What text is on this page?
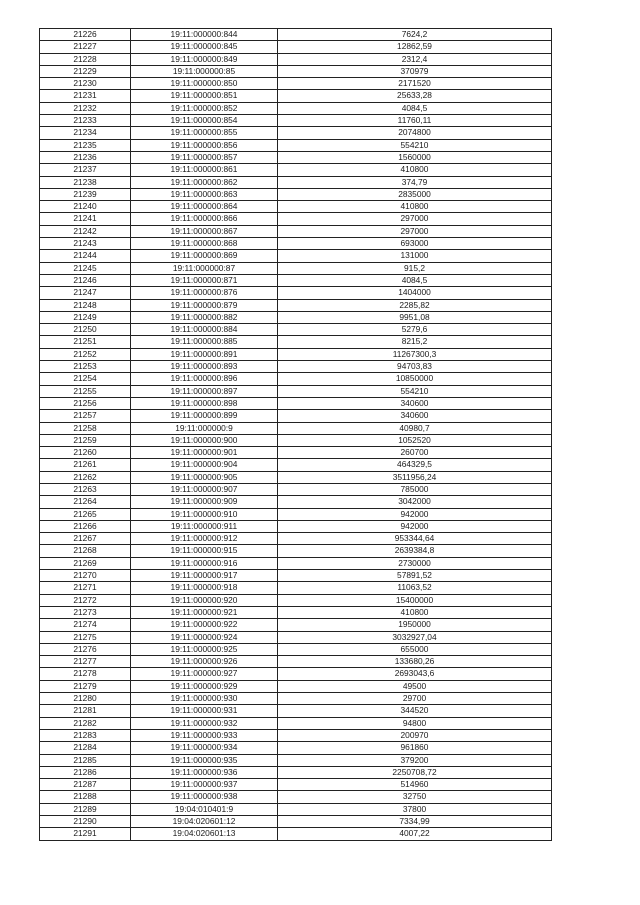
21226	19:11:000000:844	7624,2
21227	19:11:000000:845	12862,59
21228	19:11:000000:849	2312,4
21229	19:11:000000:85	370979
21230	19:11:000000:850	2171520
21231	19:11:000000:851	25633,28
21232	19:11:000000:852	4084,5
21233	19:11:000000:854	11760,11
21234	19:11:000000:855	2074800
21235	19:11:000000:856	554210
21236	19:11:000000:857	1560000
21237	19:11:000000:861	410800
21238	19:11:000000:862	374,79
21239	19:11:000000:863	2835000
21240	19:11:000000:864	410800
21241	19:11:000000:866	297000
21242	19:11:000000:867	297000
21243	19:11:000000:868	693000
21244	19:11:000000:869	131000
21245	19:11:000000:87	915,2
21246	19:11:000000:871	4084,5
21247	19:11:000000:876	1404000
21248	19:11:000000:879	2285,82
21249	19:11:000000:882	9951,08
21250	19:11:000000:884	5279,6
21251	19:11:000000:885	8215,2
21252	19:11:000000:891	11267300,3
21253	19:11:000000:893	94703,83
21254	19:11:000000:896	10850000
21255	19:11:000000:897	554210
21256	19:11:000000:898	340600
21257	19:11:000000:899	340600
21258	19:11:000000:9	40980,7
21259	19:11:000000:900	1052520
21260	19:11:000000:901	260700
21261	19:11:000000:904	464329,5
21262	19:11:000000:905	3511956,24
21263	19:11:000000:907	785000
21264	19:11:000000:909	3042000
21265	19:11:000000:910	942000
21266	19:11:000000:911	942000
21267	19:11:000000:912	953344,64
21268	19:11:000000:915	2639384,8
21269	19:11:000000:916	2730000
21270	19:11:000000:917	57891,52
21271	19:11:000000:918	11063,52
21272	19:11:000000:920	15400000
21273	19:11:000000:921	410800
21274	19:11:000000:922	1950000
21275	19:11:000000:924	3032927,04
21276	19:11:000000:925	655000
21277	19:11:000000:926	133680,26
21278	19:11:000000:927	2693043,6
21279	19:11:000000:929	49500
21280	19:11:000000:930	29700
21281	19:11:000000:931	344520
21282	19:11:000000:932	94800
21283	19:11:000000:933	200970
21284	19:11:000000:934	961860
21285	19:11:000000:935	379200
21286	19:11:000000:936	2250708,72
21287	19:11:000000:937	514960
21288	19:11:000000:938	32750
21289	19:04:010401:9	37800
21290	19:04:020601:12	7334,99
21291	19:04:020601:13	4007,22
